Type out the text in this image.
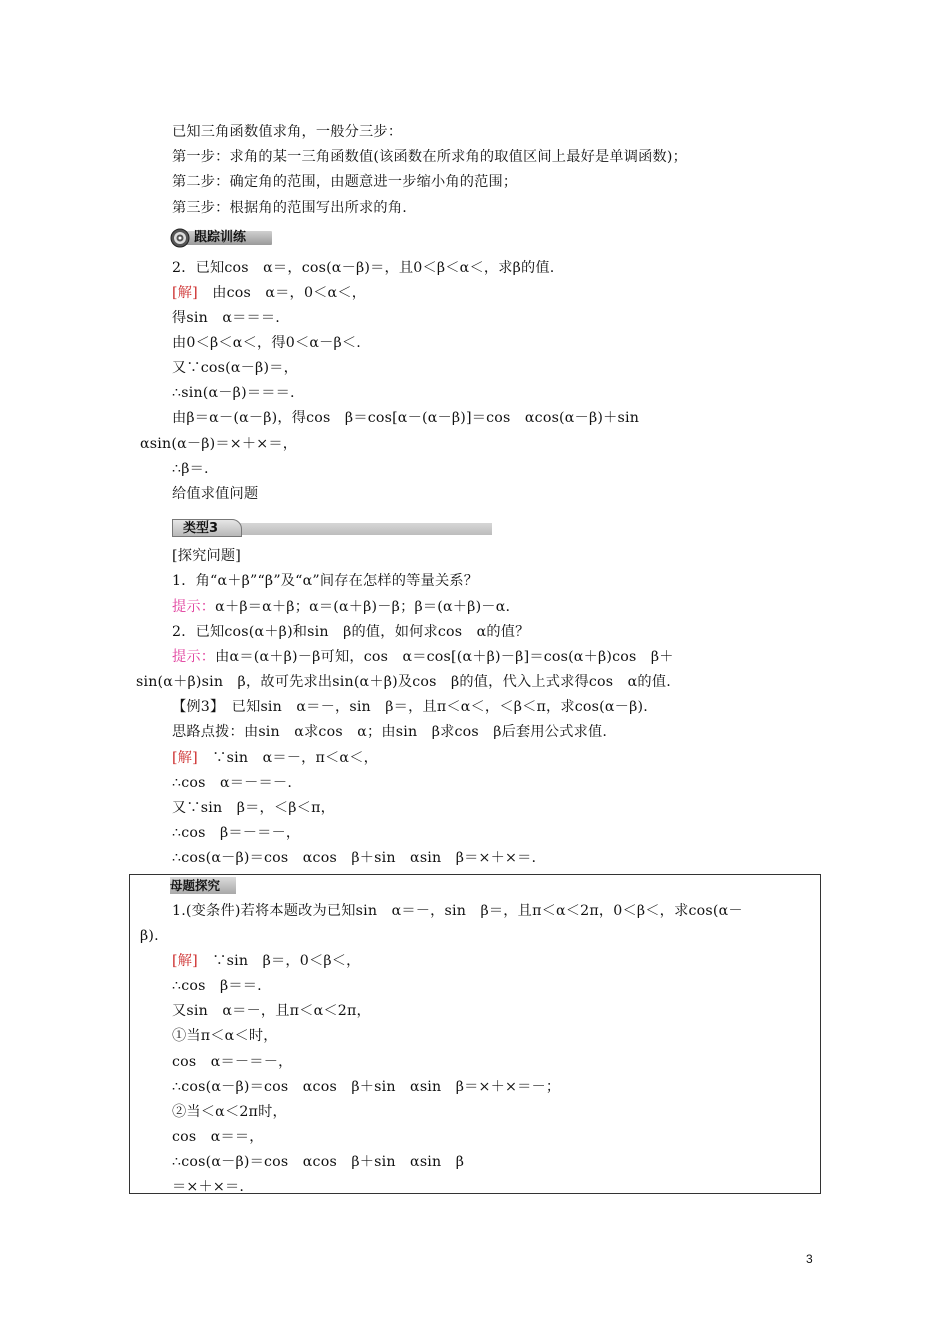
已知三角函数值求角，一般分三步：
第一步：求角的某一三角函数值(该函数在所求角的取值区间上最好是单调函数)；
第二步：确定角的范围，由题意进一步缩小角的范围；
第三步：根据角的范围写出所求的角.
跟踪训练
2．已知cos　α＝，cos(α－β)＝，且0＜β＜α＜，求β的值.
[解]　由cos　α＝，0＜α＜，
得sin　α＝＝＝.
由0＜β＜α＜，得0＜α－β＜.
又∵cos(α－β)＝，
∴sin(α－β)＝＝＝.
由β＝α－(α－β)，得cos　β＝cos[α－(α－β)]＝cos　αcos(α－β)＋sin
αsin(α－β)＝×＋×＝，
∴β＝.
给值求值问题
类型3
[探究问题]
1．角“α＋β”“β”及“α”间存在怎样的等量关系？
提示：α＋β＝α＋β；α＝(α＋β)－β；β＝(α＋β)－α.
2．已知cos(α＋β)和sin　β的值，如何求cos　α的值？
提示：由α＝(α＋β)－β可知，cos　α＝cos[(α＋β)－β]＝cos(α＋β)cos　β＋
sin(α＋β)sin　β，故可先求出sin(α＋β)及cos　β的值，代入上式求得cos　α的值.
【例3】　已知sin　α＝－，sin　β＝，且π＜α＜，＜β＜π，求cos(α－β).
思路点拨：由sin　α求cos　α；由sin　β求cos　β后套用公式求值.
[解]　∵sin　α＝－，π＜α＜，
∴cos　α＝－＝－.
又∵sin　β＝，＜β＜π，
∴cos　β＝－＝－，
∴cos(α－β)＝cos　αcos　β＋sin　αsin　β＝×＋×＝.
母题探究
1.(变条件)若将本题改为已知sin　α＝－，sin　β＝，且π＜α＜2π，0＜β＜，求cos(α－
β).
[解]　∵sin　β＝，0＜β＜，
∴cos　β＝＝.
又sin　α＝－，且π＜α＜2π，
①当π＜α＜时，
cos　α＝－＝－，
∴cos(α－β)＝cos　αcos　β＋sin　αsin　β＝×＋×＝－；
②当＜α＜2π时，
cos　α＝＝，
∴cos(α－β)＝cos　αcos　β＋sin　αsin　β
＝×＋×＝.
3
